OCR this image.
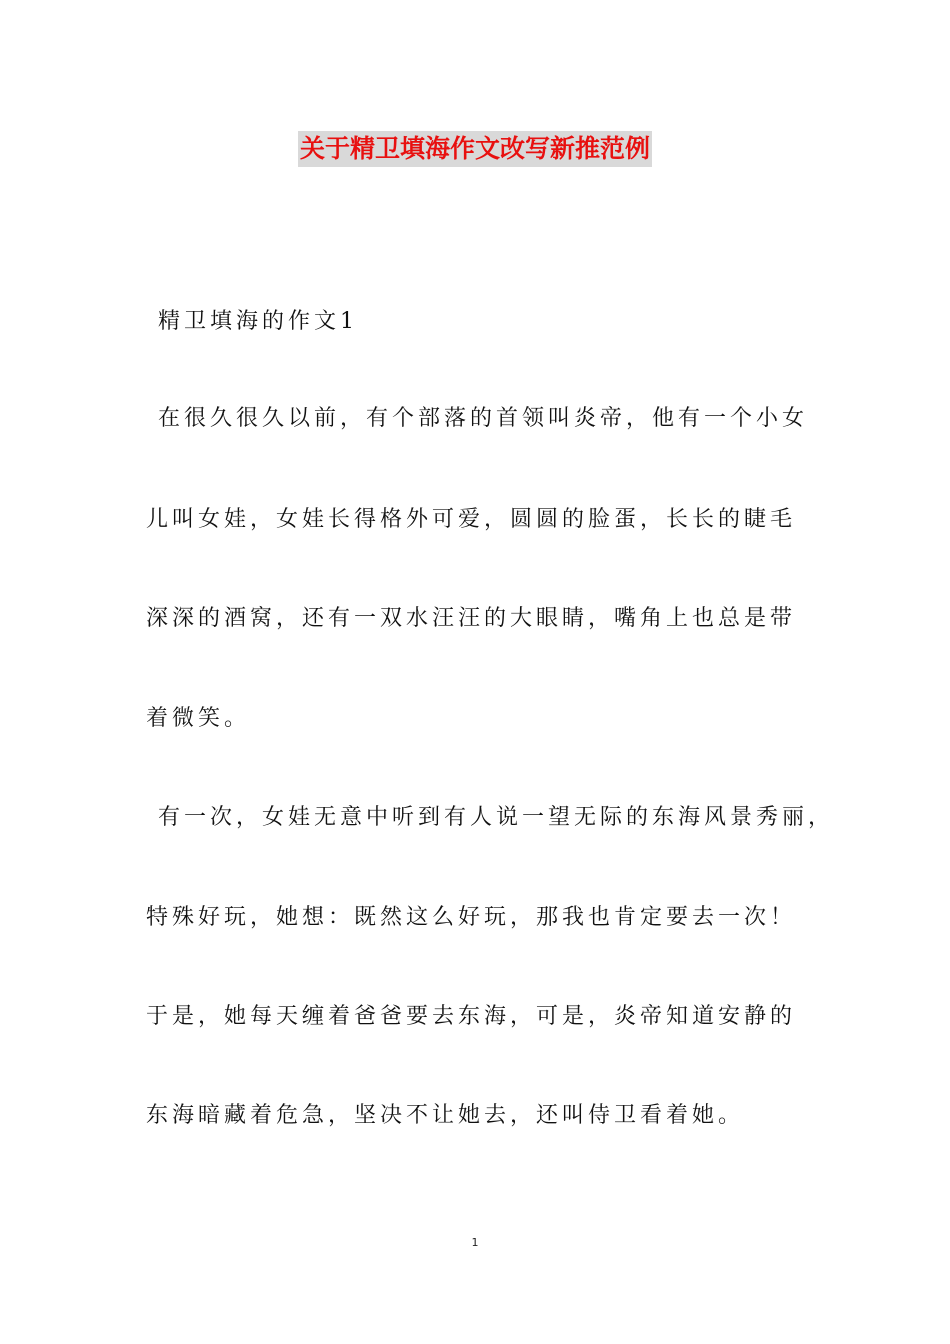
关于精卫填海作文改写新推范例
精卫填海的作文1
在很久很久以前，有个部落的首领叫炎帝，他有一个小女
儿叫女娃，女娃长得格外可爱，圆圆的脸蛋，长长的睫毛
深深的酒窝，还有一双水汪汪的大眼睛，嘴角上也总是带
着微笑。
有一次，女娃无意中听到有人说一望无际的东海风景秀丽，
特殊好玩，她想：既然这么好玩，那我也肯定要去一次！
于是，她每天缠着爸爸要去东海，可是，炎帝知道安静的
东海暗藏着危急，坚决不让她去，还叫侍卫看着她。
1
